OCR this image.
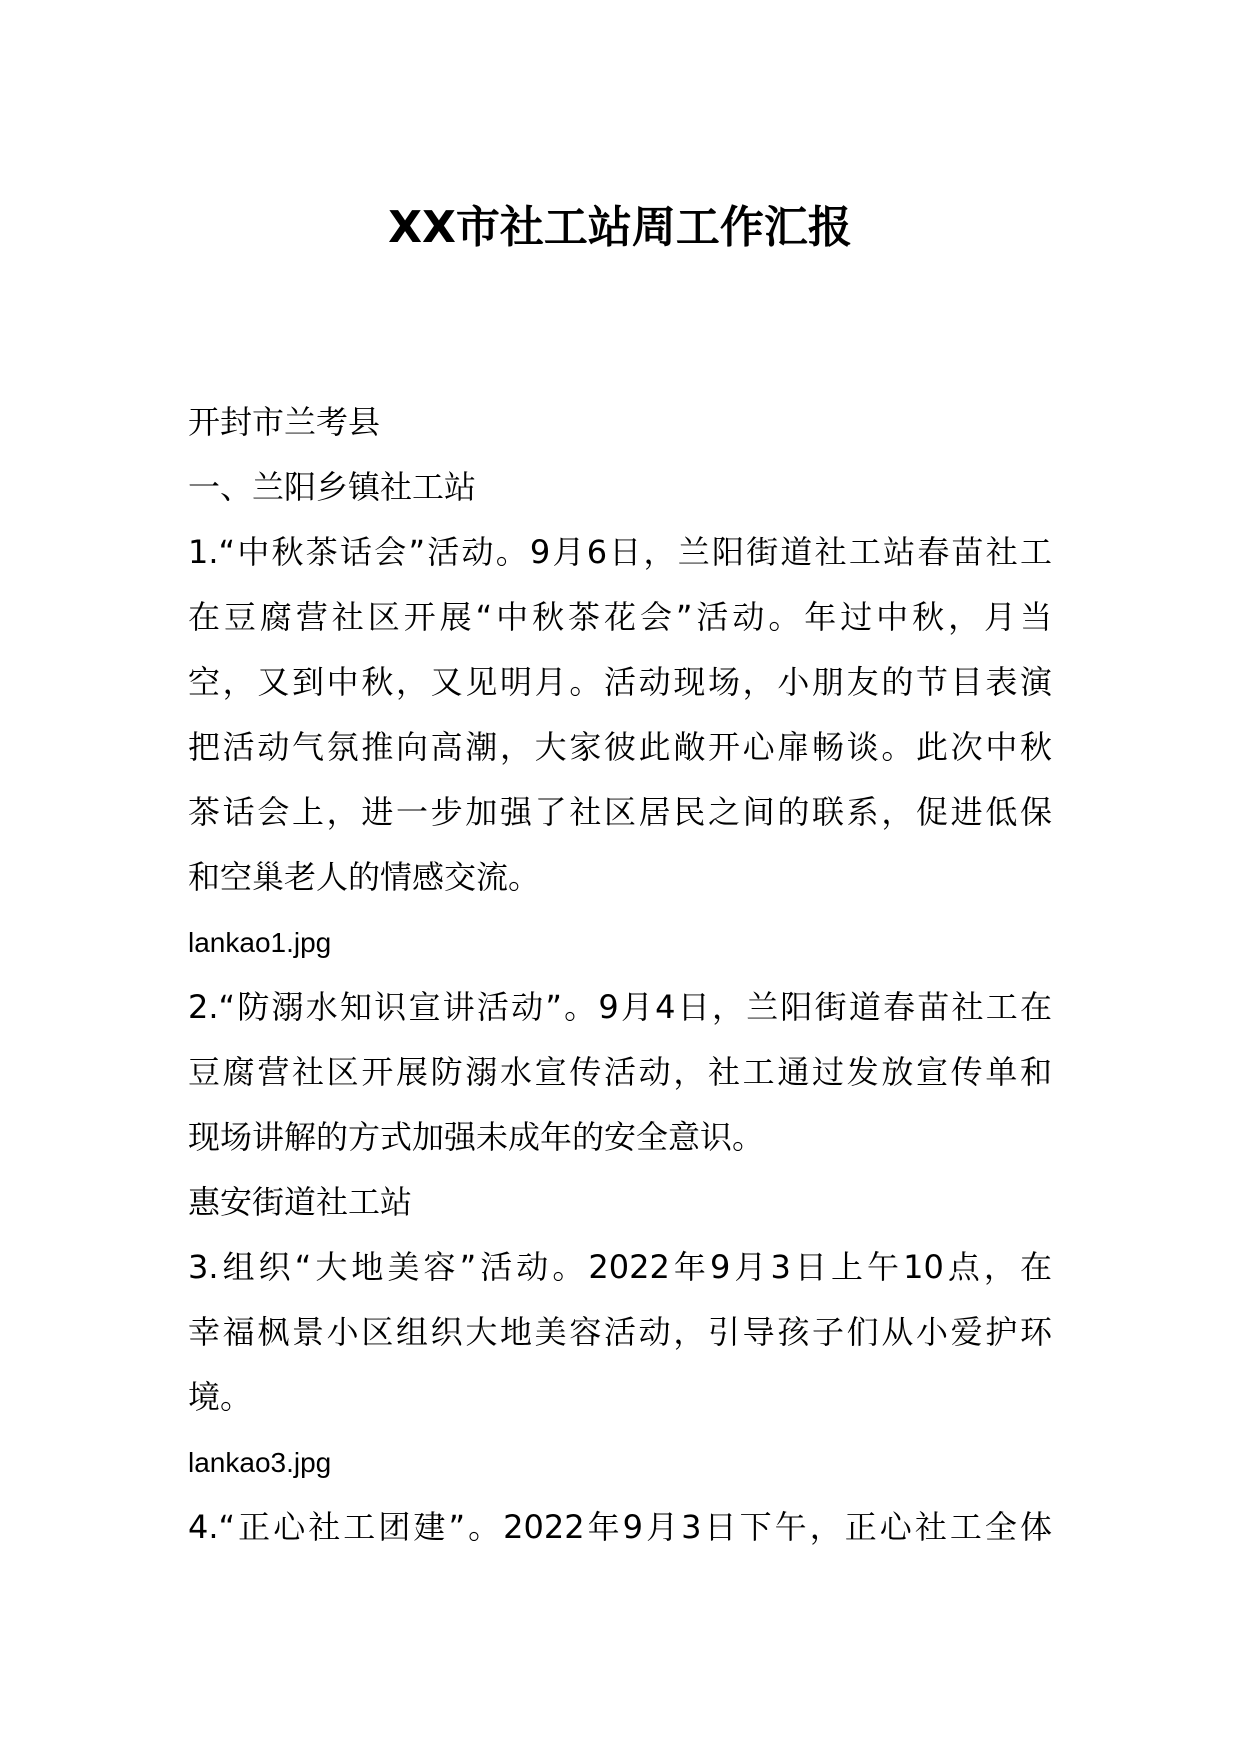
XX市社工站周工作汇报

开封市兰考县

一、兰阳乡镇社工站

1.“中秋茶话会”活动。9月6日，兰阳街道社工站春苗社工

在豆腐营社区开展“中秋茶花会”活动。年过中秋，月当

空，又到中秋，又见明月。活动现场，小朋友的节目表演

把活动气氛推向高潮，大家彼此敞开心扉畅谈。此次中秋

茶话会上，进一步加强了社区居民之间的联系，促进低保

和空巢老人的情感交流。

lankao1.jpg

2.“防溺水知识宣讲活动”。9月4日，兰阳街道春苗社工在

豆腐营社区开展防溺水宣传活动，社工通过发放宣传单和

现场讲解的方式加强未成年的安全意识。

惠安街道社工站

3.组织“大地美容”活动。2022年9月3日上午10点，在

幸福枫景小区组织大地美容活动，引导孩子们从小爱护环

境。

lankao3.jpg

4.“正心社工团建”。2022年9月3日下午，正心社工全体
